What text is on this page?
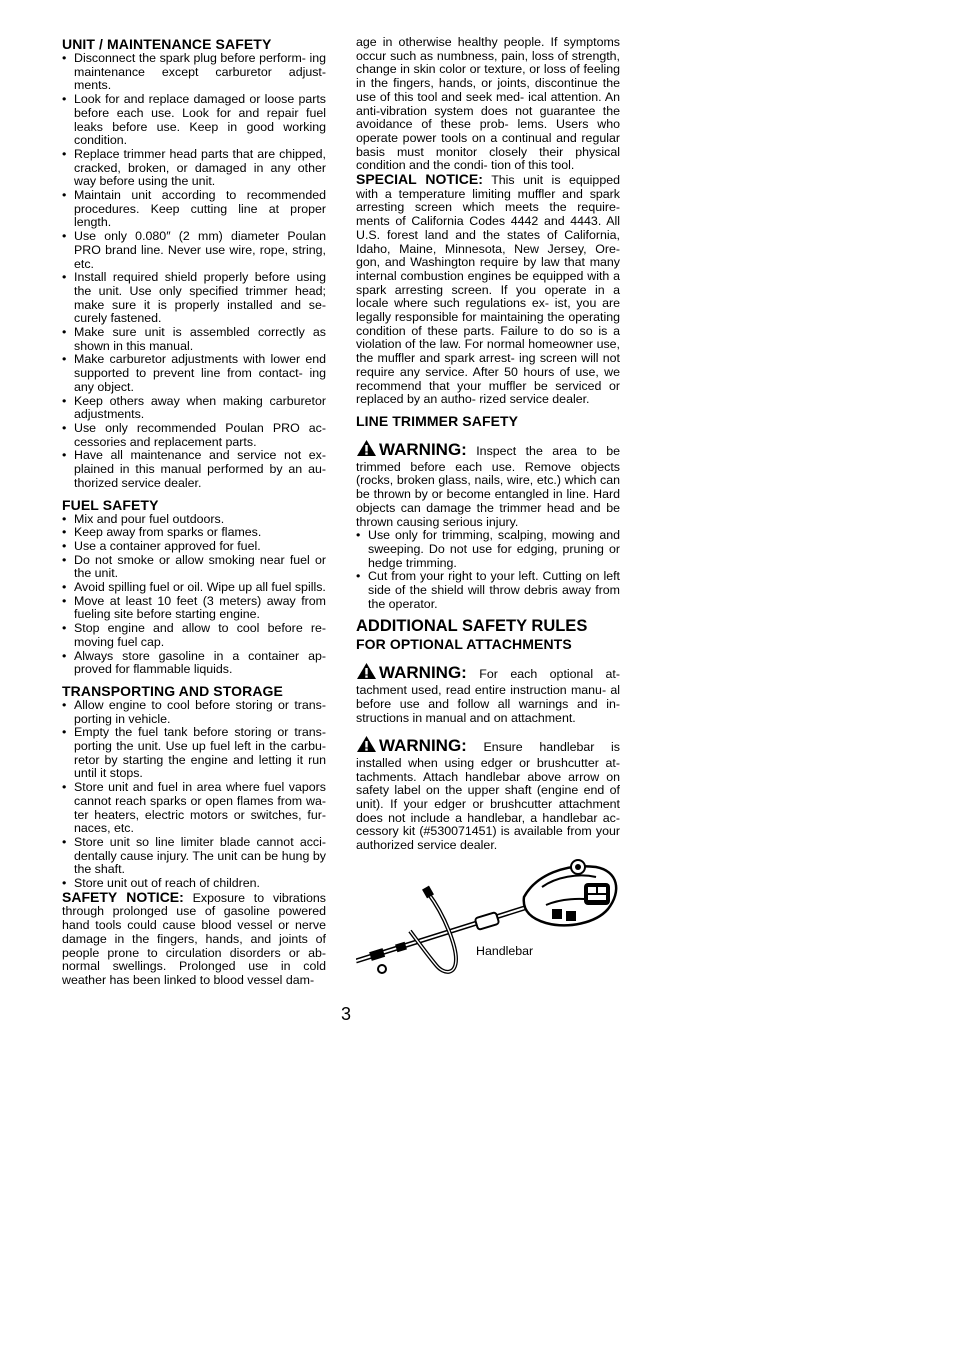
UNIT / MAINTENANCE SAFETY
• Disconnect the spark plug before perform- ing maintenance except carburetor adjust- ments.
• Look for and replace damaged or loose parts before each use. Look for and repair fuel leaks before use. Keep in good working condition.
• Replace trimmer head parts that are chipped, cracked, broken, or damaged in any other way before using the unit.
• Maintain unit according to recommended procedures. Keep cutting line at proper length.
• Use only 0.080″ (2 mm) diameter Poulan PRO brand line. Never use wire, rope, string, etc.
• Install required shield properly before using the unit. Use only specified trimmer head; make sure it is properly installed and se- curely fastened.
• Make sure unit is assembled correctly as shown in this manual.
• Make carburetor adjustments with lower end supported to prevent line from contact- ing any object.
• Keep others away when making carburetor adjustments.
• Use only recommended Poulan PRO ac- cessories and replacement parts.
• Have all maintenance and service not ex- plained in this manual performed by an au- thorized service dealer.
FUEL SAFETY
• Mix and pour fuel outdoors.
• Keep away from sparks or flames.
• Use a container approved for fuel.
• Do not smoke or allow smoking near fuel or the unit.
• Avoid spilling fuel or oil. Wipe up all fuel spills.
• Move at least 10 feet (3 meters) away from fueling site before starting engine.
• Stop engine and allow to cool before re- moving fuel cap.
• Always store gasoline in a container ap- proved for flammable liquids.
TRANSPORTING AND STORAGE
• Allow engine to cool before storing or trans- porting in vehicle.
• Empty the fuel tank before storing or trans- porting the unit. Use up fuel left in the carbu- retor by starting the engine and letting it run until it stops.
• Store unit and fuel in area where fuel vapors cannot reach sparks or open flames from wa- ter heaters, electric motors or switches, fur- naces, etc.
• Store unit so line limiter blade cannot acci- dentally cause injury. The unit can be hung by the shaft.
• Store unit out of reach of children.

SAFETY NOTICE: Exposure to vibrations through prolonged use of gasoline powered hand tools could cause blood vessel or nerve damage in the fingers, hands, and joints of people prone to circulation disorders or ab- normal swellings. Prolonged use in cold weather has been linked to blood vessel dam-

age in otherwise healthy people. If symptoms occur such as numbness, pain, loss of strength, change in skin color or texture, or loss of feeling in the fingers, hands, or joints, discontinue the use of this tool and seek med- ical attention. An anti-vibration system does not guarantee the avoidance of these prob- lems. Users who operate power tools on a continual and regular basis must monitor closely their physical condition and the condi- tion of this tool.

SPECIAL NOTICE: This unit is equipped with a temperature limiting muffler and spark arresting screen which meets the require- ments of California Codes 4442 and 4443. All U.S. forest land and the states of California, Idaho, Maine, Minnesota, New Jersey, Ore- gon, and Washington require by law that many internal combustion engines be equipped with a spark arresting screen. If you operate in a locale where such regulations ex- ist, you are legally responsible for maintaining the operating condition of these parts. Failure to do so is a violation of the law. For normal homeowner use, the muffler and spark arrest- ing screen will not require any service. After 50 hours of use, we recommend that your muffler be serviced or replaced by an autho- rized service dealer.

LINE TRIMMER SAFETY

WARNING: Inspect the area to be trimmed before each use. Remove objects (rocks, broken glass, nails, wire, etc.) which can be thrown by or become entangled in line. Hard objects can damage the trimmer head and be thrown causing serious injury.

• Use only for trimming, scalping, mowing and sweeping. Do not use for edging, pruning or hedge trimming.
• Cut from your right to your left. Cutting on left side of the shield will throw debris away from the operator.
ADDITIONAL SAFETY RULES
FOR OPTIONAL ATTACHMENTS

WARNING: For each optional at- tachment used, read entire instruction manu- al before use and follow all warnings and in- structions in manual and on attachment.

WARNING: Ensure handlebar is installed when using edger or brushcutter at- tachments. Attach handlebar above arrow on safety label on the upper shaft (engine end of unit). If your edger or brushcutter attachment does not include a handlebar, a handlebar ac- cessory kit (#530071451) is available from your authorized service dealer.

Handlebar
3
